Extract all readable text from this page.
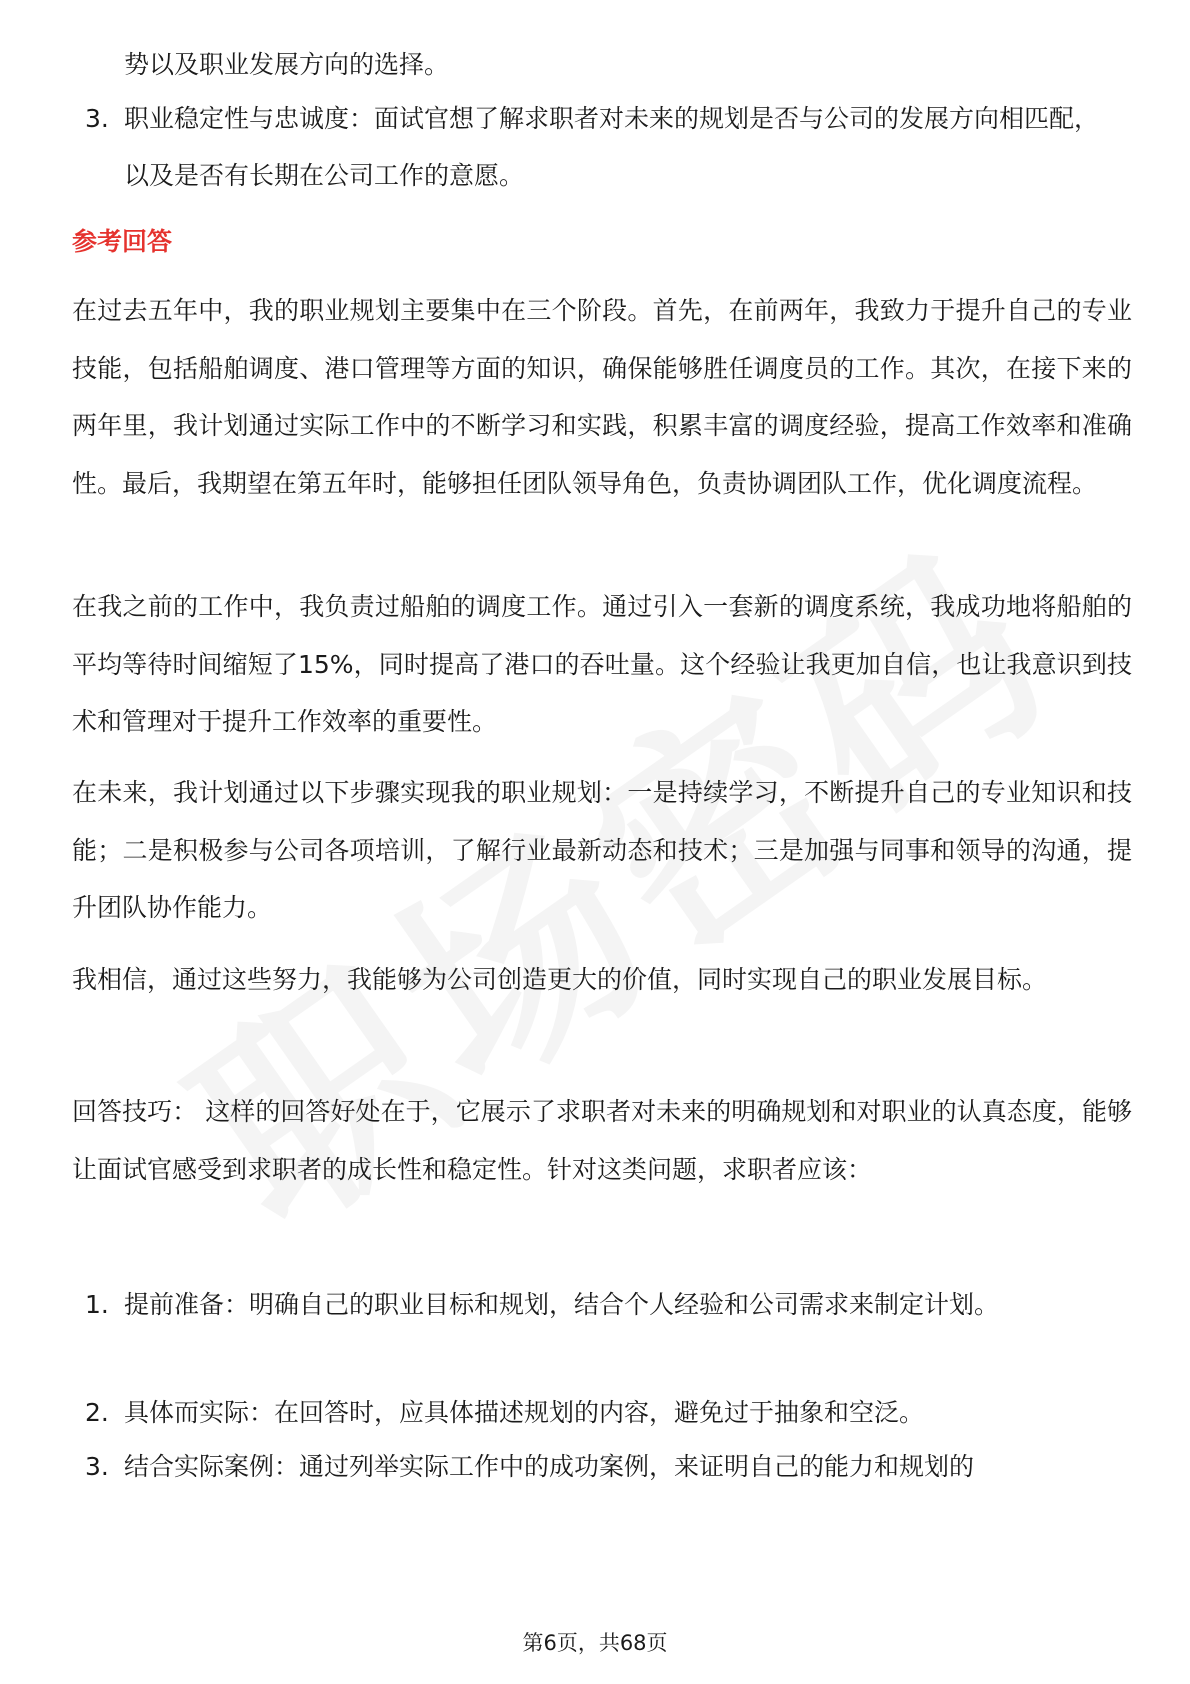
势以及职业发展方向的选择。
3. 职业稳定性与忠诚度：面试官想了解求职者对未来的规划是否与公司的发展方向相匹配，以及是否有长期在公司工作的意愿。
参考回答
在过去五年中，我的职业规划主要集中在三个阶段。首先，在前两年，我致力于提升自己的专业技能，包括船舶调度、港口管理等方面的知识，确保能够胜任调度员的工作。其次，在接下来的两年里，我计划通过实际工作中的不断学习和实践，积累丰富的调度经验，提高工作效率和准确性。最后，我期望在第五年时，能够担任团队领导角色，负责协调团队工作，优化调度流程。
在我之前的工作中，我负责过船舶的调度工作。通过引入一套新的调度系统，我成功地将船舶的平均等待时间缩短了15%，同时提高了港口的吞吐量。这个经验让我更加自信，也让我意识到技术和管理对于提升工作效率的重要性。
在未来，我计划通过以下步骤实现我的职业规划：一是持续学习，不断提升自己的专业知识和技能；二是积极参与公司各项培训，了解行业最新动态和技术；三是加强与同事和领导的沟通，提升团队协作能力。
我相信，通过这些努力，我能够为公司创造更大的价值，同时实现自己的职业发展目标。
回答技巧： 这样的回答好处在于，它展示了求职者对未来的明确规划和对职业的认真态度，能够让面试官感受到求职者的成长性和稳定性。针对这类问题，求职者应该：
1. 提前准备：明确自己的职业目标和规划，结合个人经验和公司需求来制定计划。
2. 具体而实际：在回答时，应具体描述规划的内容，避免过于抽象和空泛。
3. 结合实际案例：通过列举实际工作中的成功案例，来证明自己的能力和规划的
第6页，共68页
